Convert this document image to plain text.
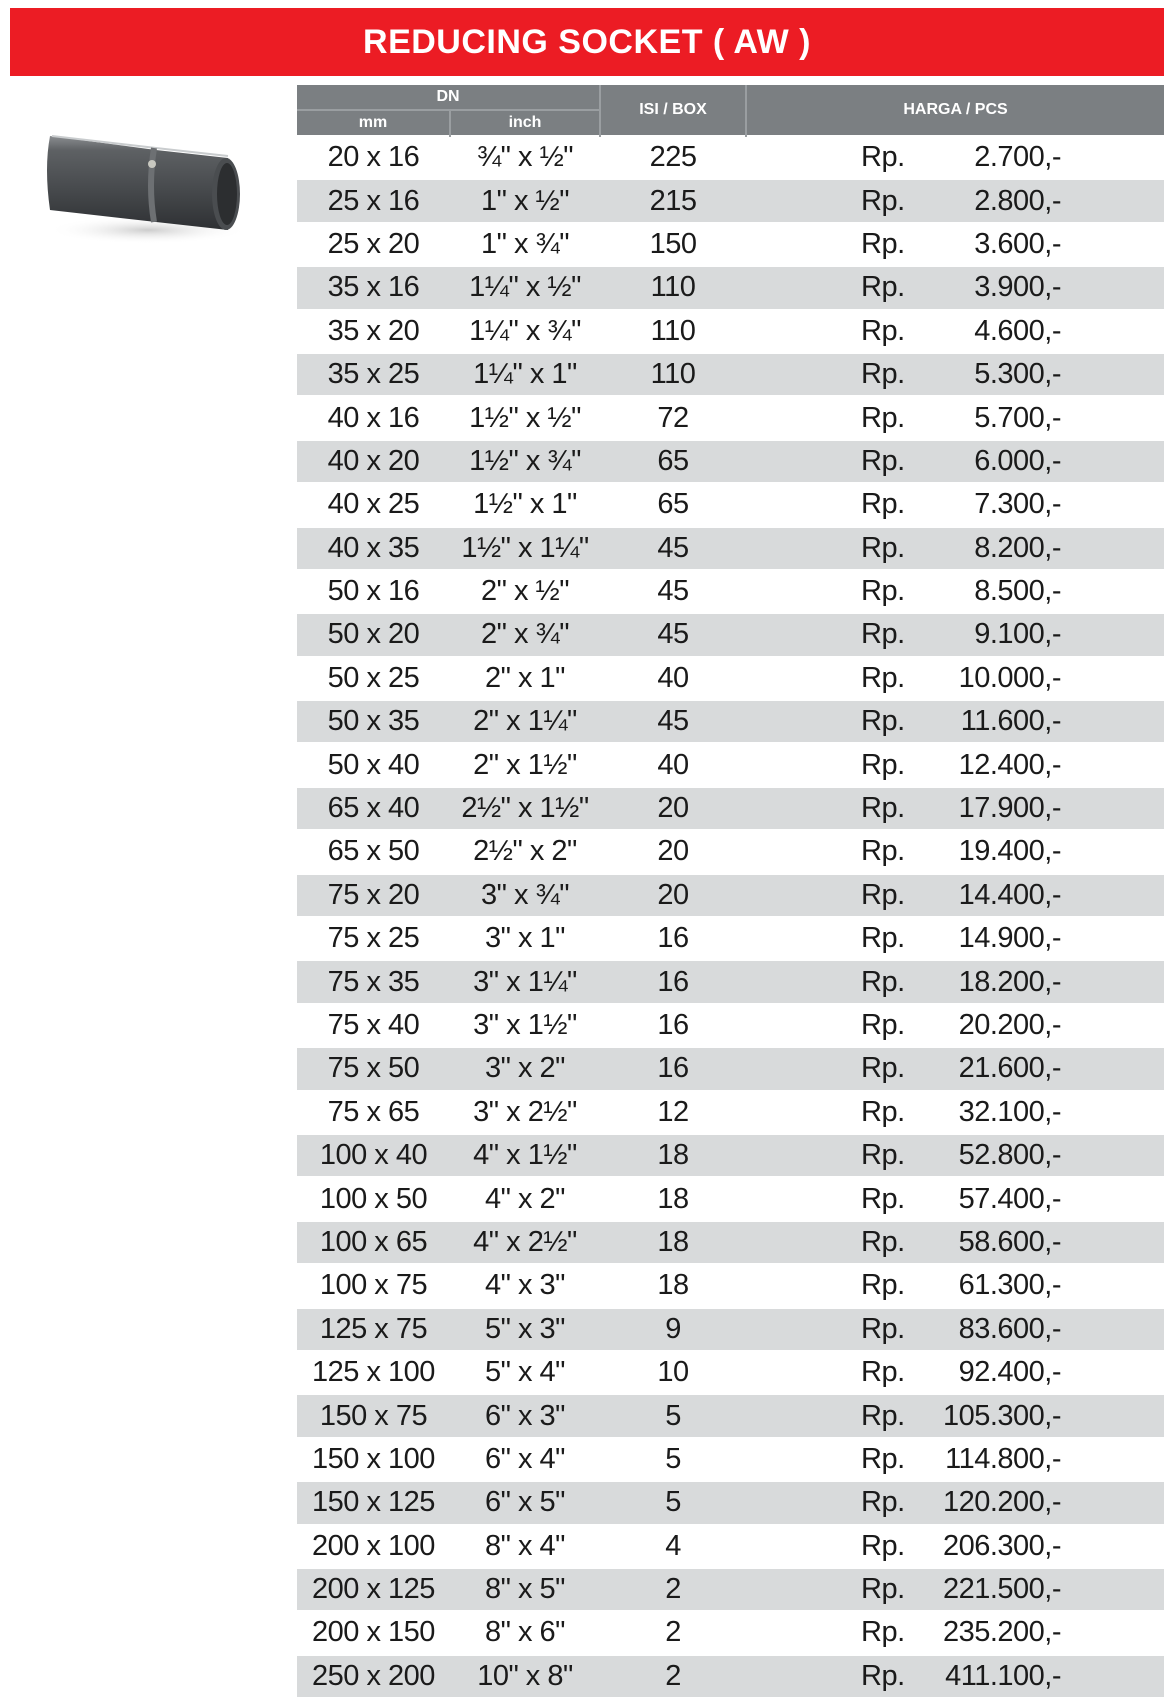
REDUCING SOCKET ( AW )
DN		ISI / BOX	HARGA / PCS
mm	inch		
20 x 16	¾" x ½"	225	Rp. 2.700,-
25 x 16	1" x ½"	215	Rp. 2.800,-
25 x 20	1" x ¾"	150	Rp. 3.600,-
35 x 16	1¼" x ½"	110	Rp. 3.900,-
35 x 20	1¼" x ¾"	110	Rp. 4.600,-
35 x 25	1¼" x 1"	110	Rp. 5.300,-
40 x 16	1½" x ½"	72	Rp. 5.700,-
40 x 20	1½" x ¾"	65	Rp. 6.000,-
40 x 25	1½" x 1"	65	Rp. 7.300,-
40 x 35	1½" x 1¼"	45	Rp. 8.200,-
50 x 16	2" x ½"	45	Rp. 8.500,-
50 x 20	2" x ¾"	45	Rp. 9.100,-
50 x 25	2" x 1"	40	Rp. 10.000,-
50 x 35	2" x 1¼"	45	Rp. 11.600,-
50 x 40	2" x 1½"	40	Rp. 12.400,-
65 x 40	2½" x 1½"	20	Rp. 17.900,-
65 x 50	2½" x 2"	20	Rp. 19.400,-
75 x 20	3" x ¾"	20	Rp. 14.400,-
75 x 25	3" x 1"	16	Rp. 14.900,-
75 x 35	3" x 1¼"	16	Rp. 18.200,-
75 x 40	3" x 1½"	16	Rp. 20.200,-
75 x 50	3" x 2"	16	Rp. 21.600,-
75 x 65	3" x 2½"	12	Rp. 32.100,-
100 x 40	4" x 1½"	18	Rp. 52.800,-
100 x 50	4" x 2"	18	Rp. 57.400,-
100 x 65	4" x 2½"	18	Rp. 58.600,-
100 x 75	4" x 3"	18	Rp. 61.300,-
125 x 75	5" x 3"	9	Rp. 83.600,-
125 x 100	5" x 4"	10	Rp. 92.400,-
150 x 75	6" x 3"	5	Rp. 105.300,-
150 x 100	6" x 4"	5	Rp. 114.800,-
150 x 125	6" x 5"	5	Rp. 120.200,-
200 x 100	8" x 4"	4	Rp. 206.300,-
200 x 125	8" x 5"	2	Rp. 221.500,-
200 x 150	8" x 6"	2	Rp. 235.200,-
250 x 200	10" x 8"	2	Rp. 411.100,-
